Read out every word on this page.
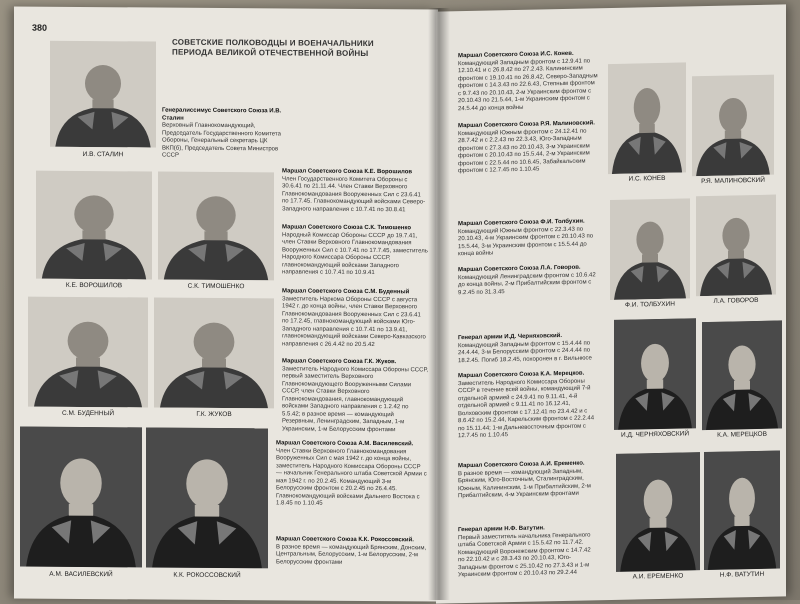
380
СОВЕТСКИЕ ПОЛКОВОДЦЫ И ВОЕНАЧАЛЬНИКИ ПЕРИОДА ВЕЛИКОЙ ОТЕЧЕСТВЕННОЙ ВОЙНЫ
И.В. СТАЛИН
Генералиссимус Советского Союза И.В. Сталин
Верховный Главнокомандующий, Председатель Государственного Комитета Обороны, Генеральный секретарь ЦК ВКП(б), Председатель Совета Министров СССР
К.Е. ВОРОШИЛОВ	С.К. ТИМОШЕНКО
Маршал Советского Союза К.Е. Ворошилов
Член Государственного Комитета Обороны с 30.6.41 по 21.11.44. Член Ставки Верховного Главнокомандования Вооруженных Сил с 23.6.41 по 17.7.45. Главнокомандующий войсками Северо-Западного направления с 10.7.41 по 30.8.41
Маршал Советского Союза С.К. Тимошенко
Народный Комиссар Обороны СССР до 19.7.41, член Ставки Верховного Главнокомандования Вооруженных Сил с 10.7.41 по 17.7.45, заместитель Народного Комиссара Обороны СССР, главнокомандующий войсками Западного направления с 10.7.41 по 10.9.41
С.М. БУДЕННЫЙ	Г.К. ЖУКОВ
Маршал Советского Союза С.М. Буденный
Заместитель Наркома Обороны СССР с августа 1942 г. до конца войны, член Ставки Верховного Главнокомандования Вооруженных Сил с 23.6.41 по 17.2.45, главнокомандующий войсками Юго-Западного направления с 10.7.41 по 13.9.41, главнокомандующий войсками Северо-Кавказского направления с 26.4.42 по 20.5.42
Маршал Советского Союза Г.К. Жуков.
Заместитель Народного Комиссара Обороны СССР, первый заместитель Верховного Главнокомандующего Вооруженными Силами СССР, член Ставки Верховного Главнокомандования, главнокомандующий войсками Западного направления с 1.2.42 по 5.5.42; в разное время — командующий Резервным, Ленинградским, Западным, 1-м Украинским, 1-м Белорусским фронтами
А.М. ВАСИЛЕВСКИЙ	К.К. РОКОССОВСКИЙ
Маршал Советского Союза А.М. Василевский.
Член Ставки Верховного Главнокомандования Вооруженных Сил с мая 1942 г. до конца войны, заместитель Народного Комиссара Обороны СССР — начальник Генерального штаба Советской Армии с мая 1942 г. по 20.2.45. Командующий 3-м Белорусским фронтом с 20.2.45 по 26.4.45. Главнокомандующий войсками Дальнего Востока с 1.8.45 по 1.10.45
Маршал Советского Союза К.К. Рокоссовский.
В разное время — командующий Брянским, Донским, Центральным, Белорусским, 1-м Белорусским, 2-м Белорусским фронтами
Маршал Советского Союза И.С. Конев.
Командующий Западным фронтом с 12.9.41 по 12.10.41 и с 26.8.42 по 27.2.43. Калининским фронтом с 19.10.41 по 26.8.42, Северо-Западным фронтом с 14.3.43 по 22.6.43, Степным фронтом с 9.7.43 по 20.10.43, 2-м Украинским фронтом с 20.10.43 по 21.5.44, 1-м Украинским фронтом с 24.5.44 до конца войны
Маршал Советского Союза Р.Я. Малиновский.
Командующий Южным фронтом с 24.12.41 по 28.7.42 и с 2.2.43 по 22.3.43, Юго-Западным фронтом с 27.3.43 по 20.10.43, 3-м Украинским фронтом с 20.10.43 по 15.5.44, 2-м Украинским фронтом с 22.5.44 по 10.6.45, Забайкальским фронтом с 12.7.45 по 1.10.45
И.С. КОНЕВ	Р.Я. МАЛИНОВСКИЙ
Маршал Советского Союза Ф.И. Толбухин.
Командующий Южным фронтом с 22.3.43 по 20.10.43, 4-м Украинским фронтом с 20.10.43 по 15.5.44, 3-м Украинским фронтом с 15.5.44 до конца войны
Маршал Советского Союза Л.А. Говоров.
Командующий Ленинградским фронтом с 10.6.42 до конца войны, 2-м Прибалтийским фронтом с 9.2.45 по 31.3.45
Ф.И. ТОЛБУХИН	Л.А. ГОВОРОВ
Генерал армии И.Д. Черняховский.
Командующий Западным фронтом с 15.4.44 по 24.4.44, 3-м Белорусским фронтом с 24.4.44 по 18.2.45. Погиб 18.2.45, похоронен в г. Вильнюсе
Маршал Советского Союза К.А. Мерецков.
Заместитель Народного Комиссара Обороны СССР в течение всей войны, командующий 7-й отдельной армией с 24.9.41 по 9.11.41, 4-й отдельной армией с 9.11.41 по 16.12.41, Волховским фронтом с 17.12.41 по 23.4.42 и с 8.6.42 по 15.2.44, Карельским фронтом с 22.2.44 по 15.11.44; 1-м Дальневосточным фронтом с 12.7.45 по 1.10.45	И.Д. ЧЕРНЯХОВСКИЙ	К.А. МЕРЕЦКОВ
Маршал Советского Союза А.И. Еременко.
В разное время — командующий Западным, Брянским, Юго-Восточным, Сталинградским, Южным, Калининским, 1-м Прибалтийским, 2-м Прибалтийским, 4-м Украинским фронтами
Генерал армии Н.Ф. Ватутин.
Первый заместитель начальника Генерального штаба Советской Армии с 15.5.42 по 11.7.42. Командующий Воронежским фронтом с 14.7.42 по 22.10.42 и с 28.3.43 по 20.10.43, Юго-Западным фронтом с 25.10.42 по 27.3.43 и 1-м Украинским фронтом с 20.10.43 по 29.2.44	А.И. ЕРЕМЕНКО	Н.Ф. ВАТУТИН
